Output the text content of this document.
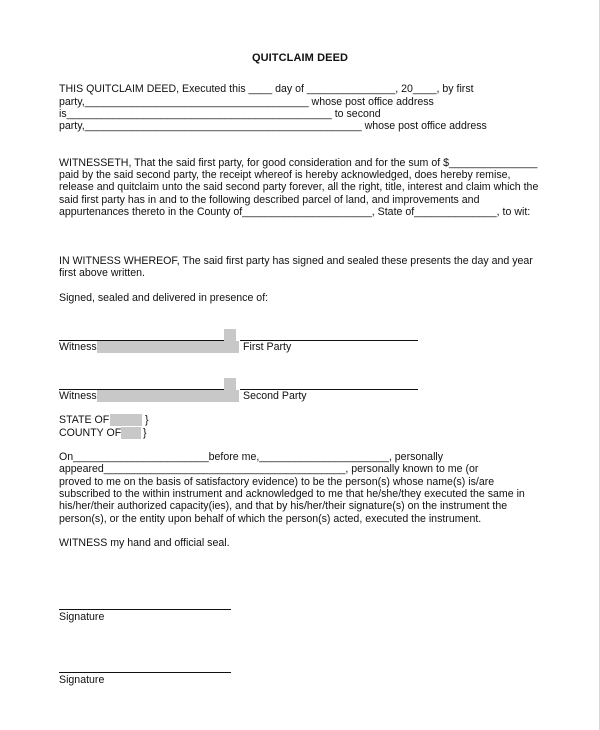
QUITCLAIM DEED
THIS QUITCLAIM DEED, Executed this ____ day of _______________, 20____, by first
party,______________________________________ whose post office address
is_____________________________________________ to second
party,_______________________________________________ whose post office address
WITNESSETH, That the said first party, for good consideration and for the sum of $_______________
paid by the said second party, the receipt whereof is hereby acknowledged, does hereby remise,
release and quitclaim unto the said second party forever, all the right, title, interest and claim which the
said first party has in and to the following described parcel of land, and improvements and
appurtenances thereto in the County of______________________, State of______________, to wit:
IN WITNESS WHEREOF, The said first party has signed and sealed these presents the day and year
first above written.
Signed, sealed and delivered in presence of:
Witness	First Party
Witness	Second Party
STATE OF	}
COUNTY OF }
On_______________________before me,______________________, personally
appeared_________________________________________, personally known to me (or
proved to me on the basis of satisfactory evidence) to be the person(s) whose name(s) is/are
subscribed to the within instrument and acknowledged to me that he/she/they executed the same in
his/her/their authorized capacity(ies), and that by his/her/their signature(s) on the instrument the
person(s), or the entity upon behalf of which the person(s) acted, executed the instrument.
WITNESS my hand and official seal.
Signature
Signature
